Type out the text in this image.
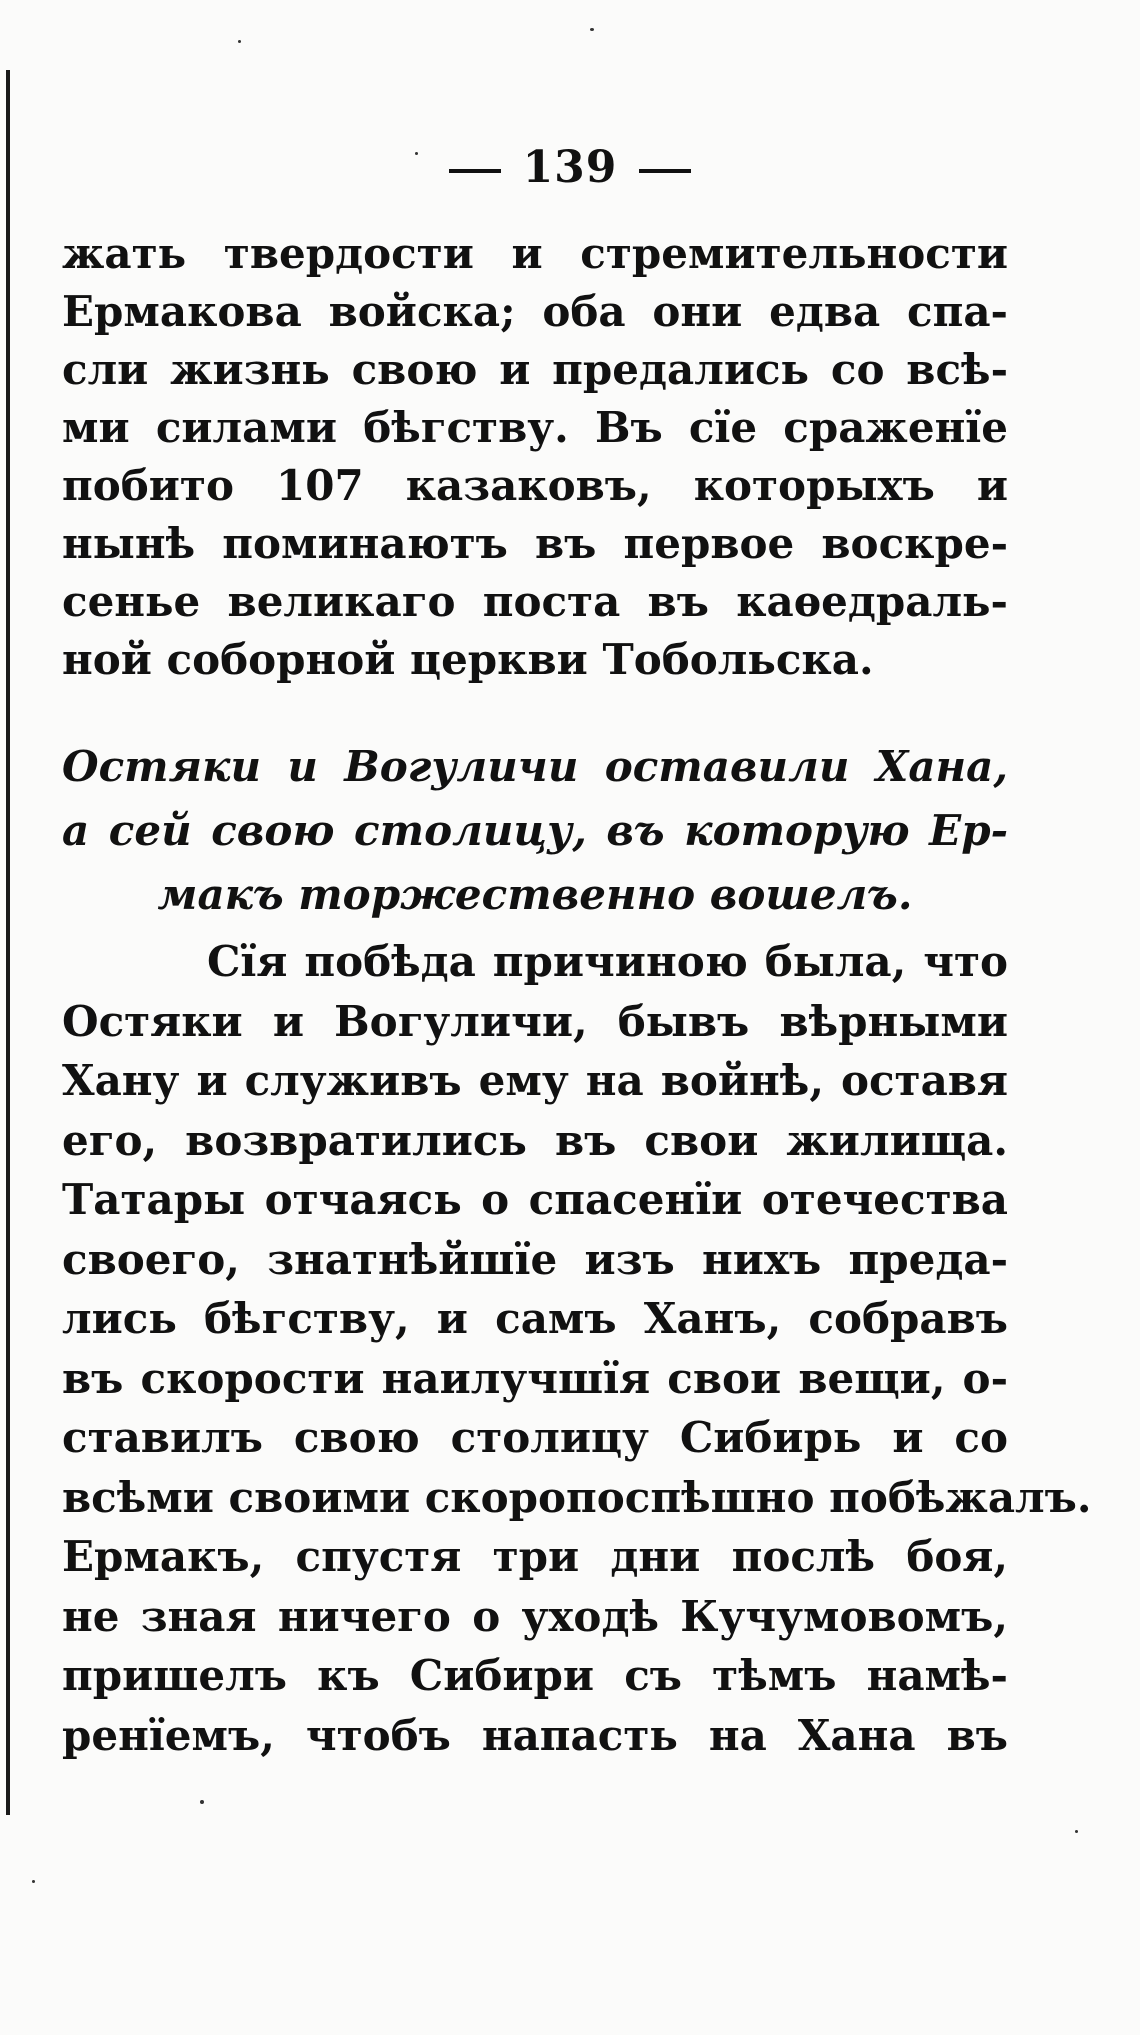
139
жать твердости и стремительности
Ермакова войска; оба они едва спа-
сли жизнь свою и предались со всѣ-
ми силами бѣгству. Въ сїе сраженїе
побито 107 казаковъ, которыхъ и
нынѣ поминаютъ въ первое воскре-
сенье великаго поста въ каѳедраль-
ной соборной церкви Тобольска.
Остяки и Вогуличи оставили Хана,
а сей свою столицу, въ которую Ер-
макъ торжественно вошелъ.
Сїя побѣда причиною была, что
Остяки и Вогуличи, бывъ вѣрными
Хану и служивъ ему на войнѣ, оставя
его, возвратились въ свои жилища.
Татары отчаясь о спасенїи отечества
своего, знатнѣйшїе изъ нихъ преда-
лись бѣгству, и самъ Ханъ, собравъ
въ скорости наилучшїя свои вещи, о-
ставилъ свою столицу Сибирь и со
всѣми своими скоропоспѣшно побѣжалъ.
Ермакъ, спустя три дни послѣ боя,
не зная ничего о уходѣ Кучумовомъ,
пришелъ къ Сибири съ тѣмъ намѣ-
ренїемъ, чтобъ напасть на Хана въ
